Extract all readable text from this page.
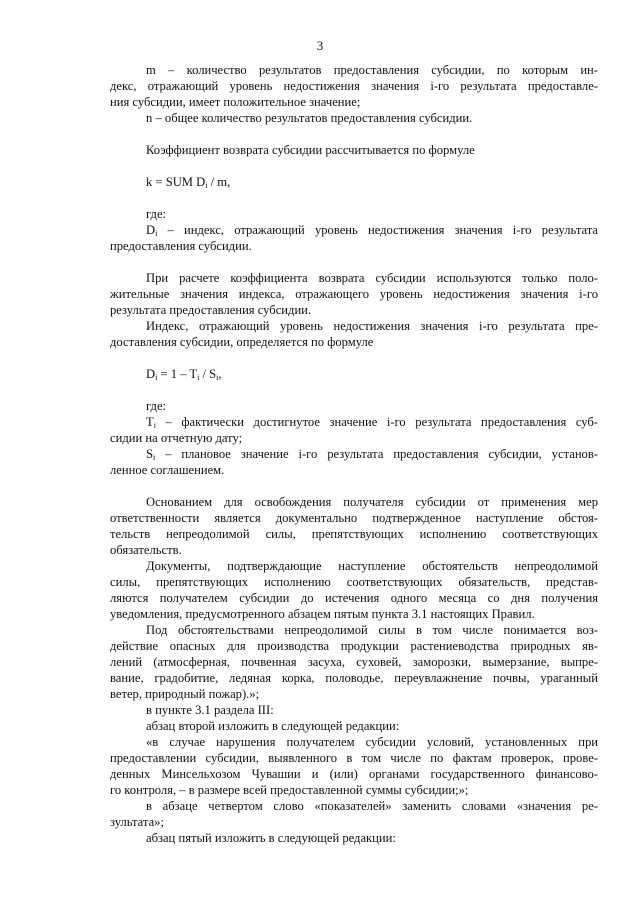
3
m – количество результатов предоставления субсидии, по которым ин-
декс, отражающий уровень недостижения значения i-го результата предоставле-
ния субсидии, имеет положительное значение;
n – общее количество результатов предоставления субсидии.
Коэффициент возврата субсидии рассчитывается по формуле
k = SUM $D_i$ / m,
где:
$D_i$ – индекс, отражающий уровень недостижения значения i-го результата
предоставления субсидии.
При расчете коэффициента возврата субсидии используются только поло-
жительные значения индекса, отражающего уровень недостижения значения i-го
результата предоставления субсидии.
Индекс, отражающий уровень недостижения значения i-го результата пре-
доставления субсидии, определяется по формуле
$D_i = 1 - T_i / S_i$,
где:
$T_i$ – фактически достигнутое значение i-го результата предоставления суб-
сидии на отчетную дату;
$S_i$ – плановое значение i-го результата предоставления субсидии, установ-
ленное соглашением.
Основанием для освобождения получателя субсидии от применения мер
ответственности является документально подтвержденное наступление обстоя-
тельств непреодолимой силы, препятствующих исполнению соответствующих
обязательств.
Документы, подтверждающие наступление обстоятельств непреодолимой
силы, препятствующих исполнению соответствующих обязательств, представ-
ляются получателем субсидии до истечения одного месяца со дня получения
уведомления, предусмотренного абзацем пятым пункта 3.1 настоящих Правил.
Под обстоятельствами непреодолимой силы в том числе понимается воз-
действие опасных для производства продукции растениеводства природных яв-
лений (атмосферная, почвенная засуха, суховей, заморозки, вымерзание, выпре-
вание, градобитие, ледяная корка, половодье, переувлажнение почвы, ураганный
ветер, природный пожар).»;
в пункте 3.1 раздела III:
абзац второй изложить в следующей редакции:
«в случае нарушения получателем субсидии условий, установленных при
предоставлении субсидии, выявленного в том числе по фактам проверок, прове-
денных Минсельхозом Чувашии и (или) органами государственного финансово-
го контроля, – в размере всей предоставленной суммы субсидии;»;
в абзаце четвертом слово «показателей» заменить словами «значения ре-
зультата»;
абзац пятый изложить в следующей редакции:
